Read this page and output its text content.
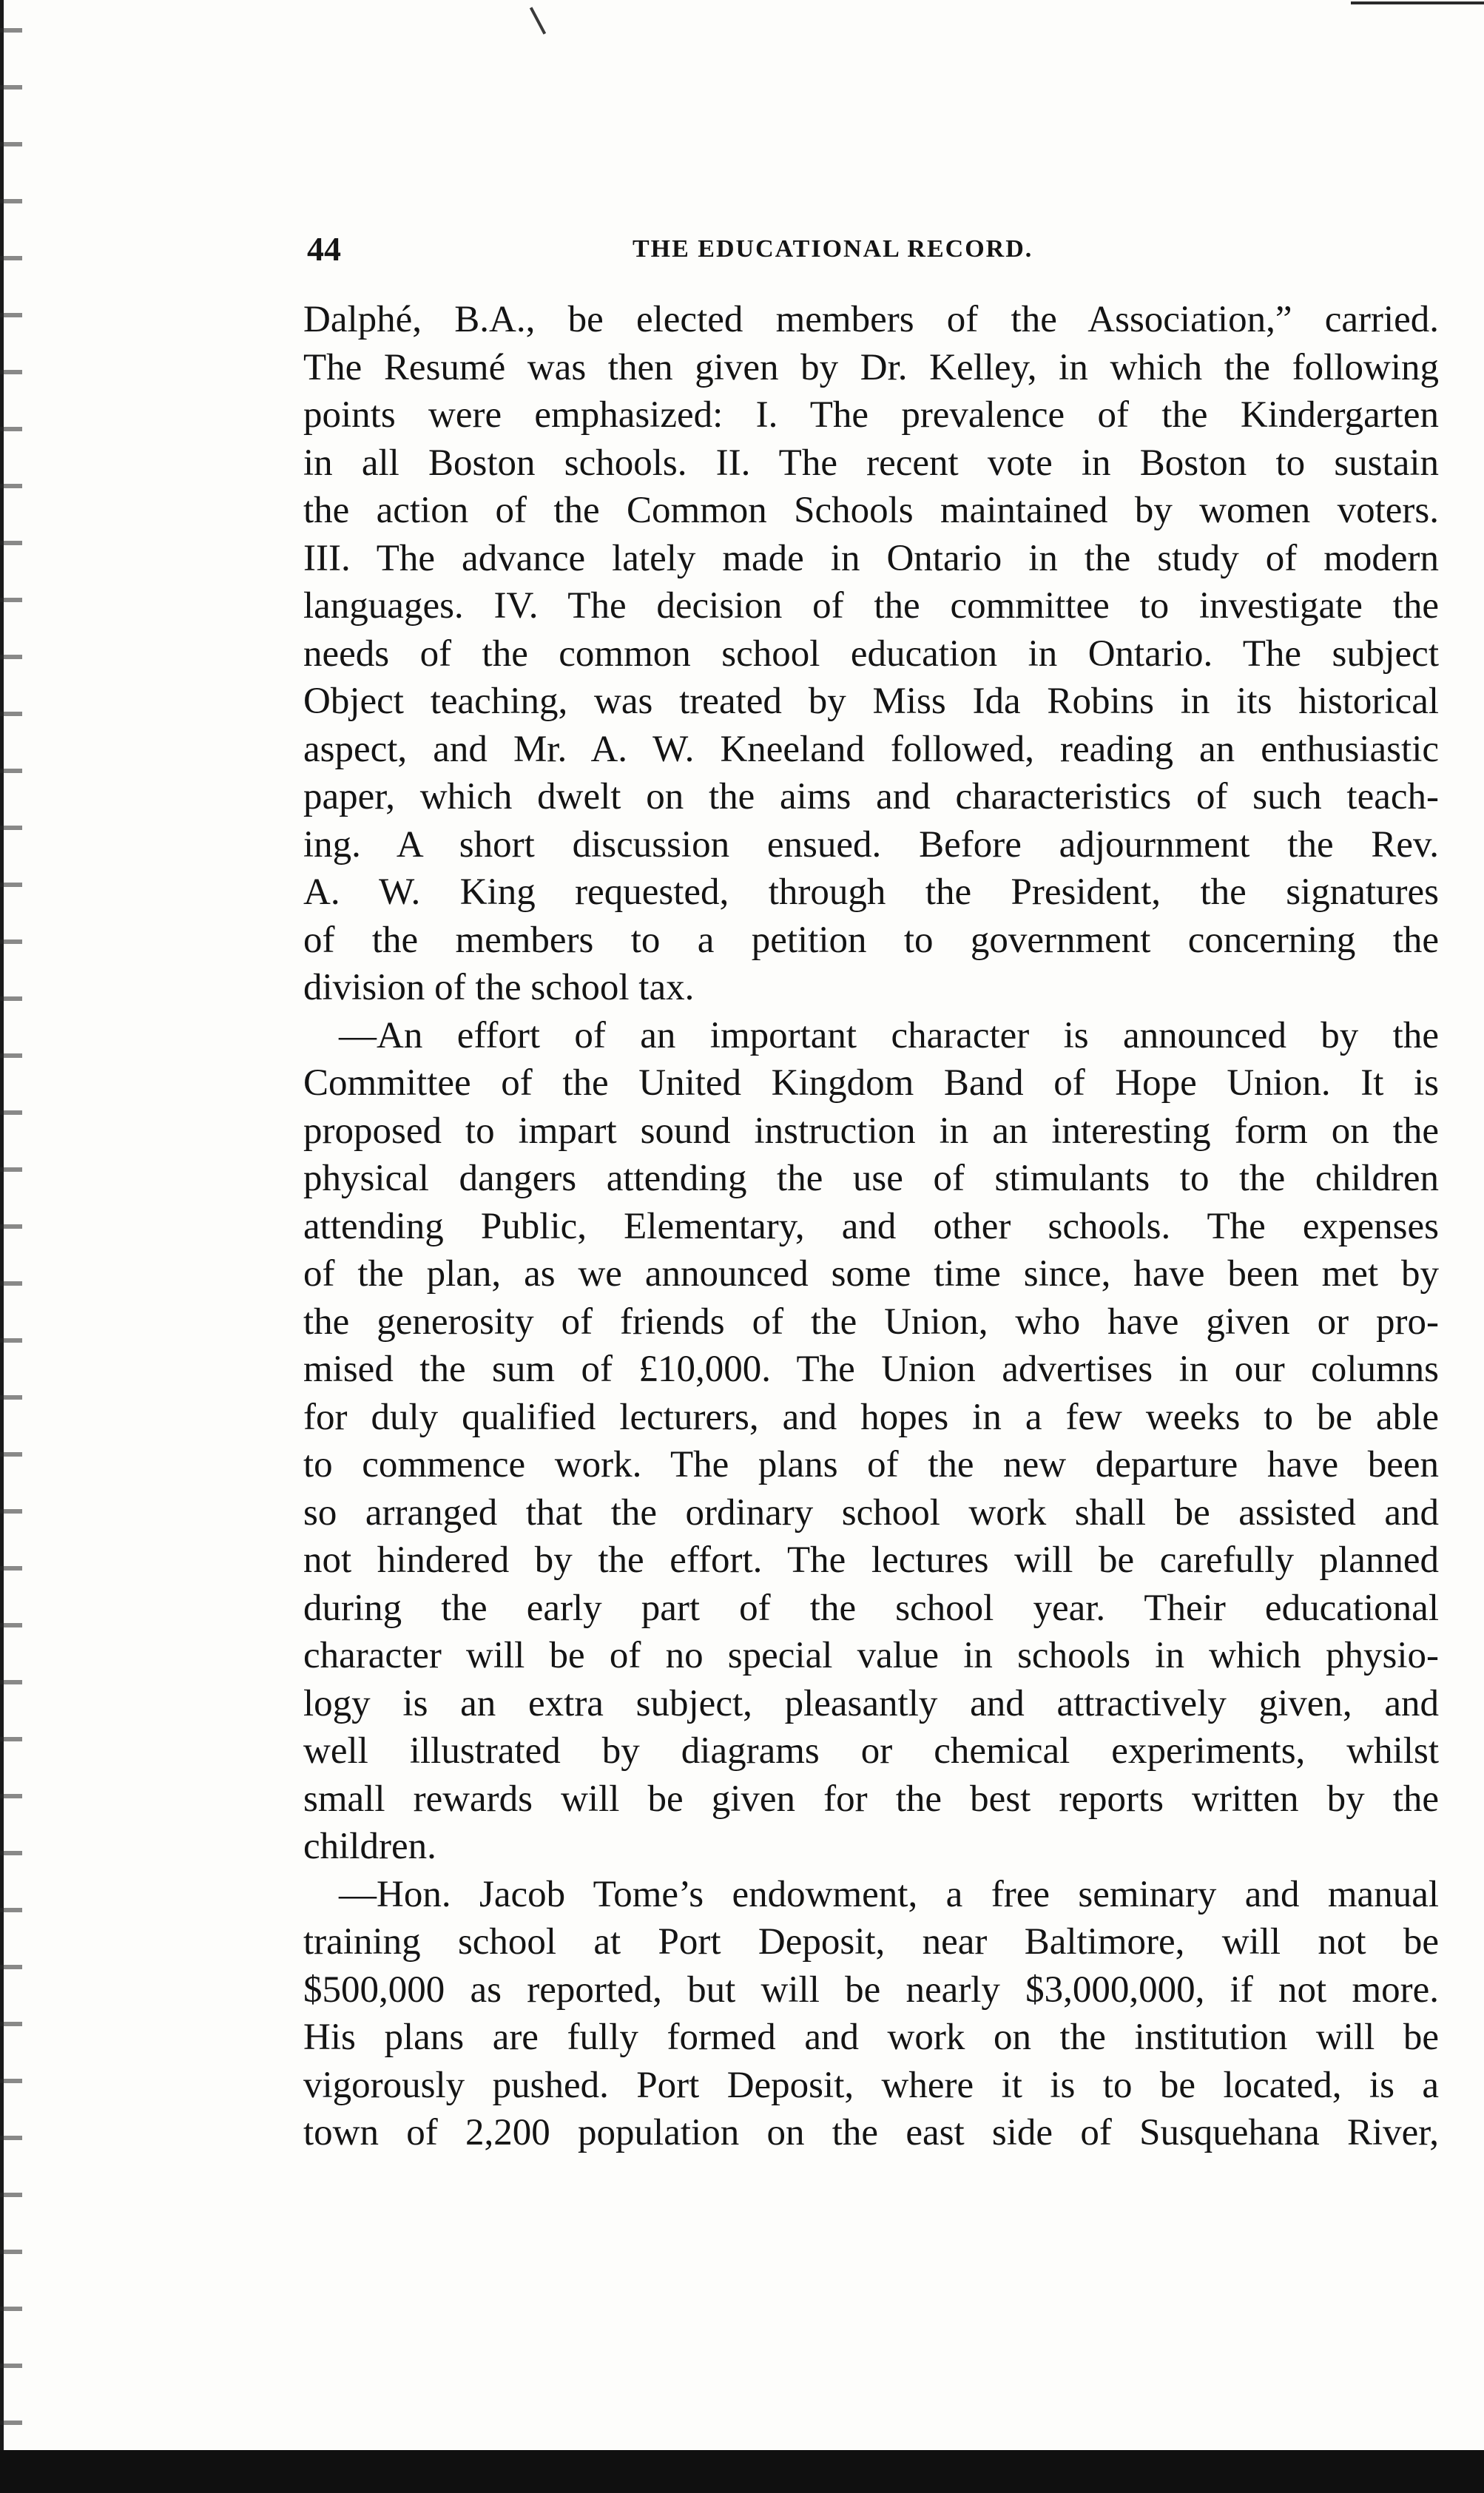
44	THE EDUCATIONAL RECORD.
Dalphé, B.A., be elected members of the Association,” carried.
The Resumé was then given by Dr. Kelley, in which the following
points were emphasized: I. The prevalence of the Kindergarten
in all Boston schools. II. The recent vote in Boston to sustain
the action of the Common Schools maintained by women voters.
III. The advance lately made in Ontario in the study of modern
languages. IV. The decision of the committee to investigate the
needs of the common school education in Ontario. The subject
Object teaching, was treated by Miss Ida Robins in its historical
aspect, and Mr. A. W. Kneeland followed, reading an enthusiastic
paper, which dwelt on the aims and characteristics of such teach-
ing. A short discussion ensued. Before adjournment the Rev.
A. W. King requested, through the President, the signatures
of the members to a petition to government concerning the
division of the school tax.
—An effort of an important character is announced by the
Committee of the United Kingdom Band of Hope Union. It is
proposed to impart sound instruction in an interesting form on the
physical dangers attending the use of stimulants to the children
attending Public, Elementary, and other schools. The expenses
of the plan, as we announced some time since, have been met by
the generosity of friends of the Union, who have given or pro-
mised the sum of £10,000. The Union advertises in our columns
for duly qualified lecturers, and hopes in a few weeks to be able
to commence work. The plans of the new departure have been
so arranged that the ordinary school work shall be assisted and
not hindered by the effort. The lectures will be carefully planned
during the early part of the school year. Their educational
character will be of no special value in schools in which physio-
logy is an extra subject, pleasantly and attractively given, and
well illustrated by diagrams or chemical experiments, whilst
small rewards will be given for the best reports written by the
children.
—Hon. Jacob Tome’s endowment, a free seminary and manual
training school at Port Deposit, near Baltimore, will not be
$500,000 as reported, but will be nearly $3,000,000, if not more.
His plans are fully formed and work on the institution will be
vigorously pushed. Port Deposit, where it is to be located, is a
town of 2,200 population on the east side of Susquehana River,
